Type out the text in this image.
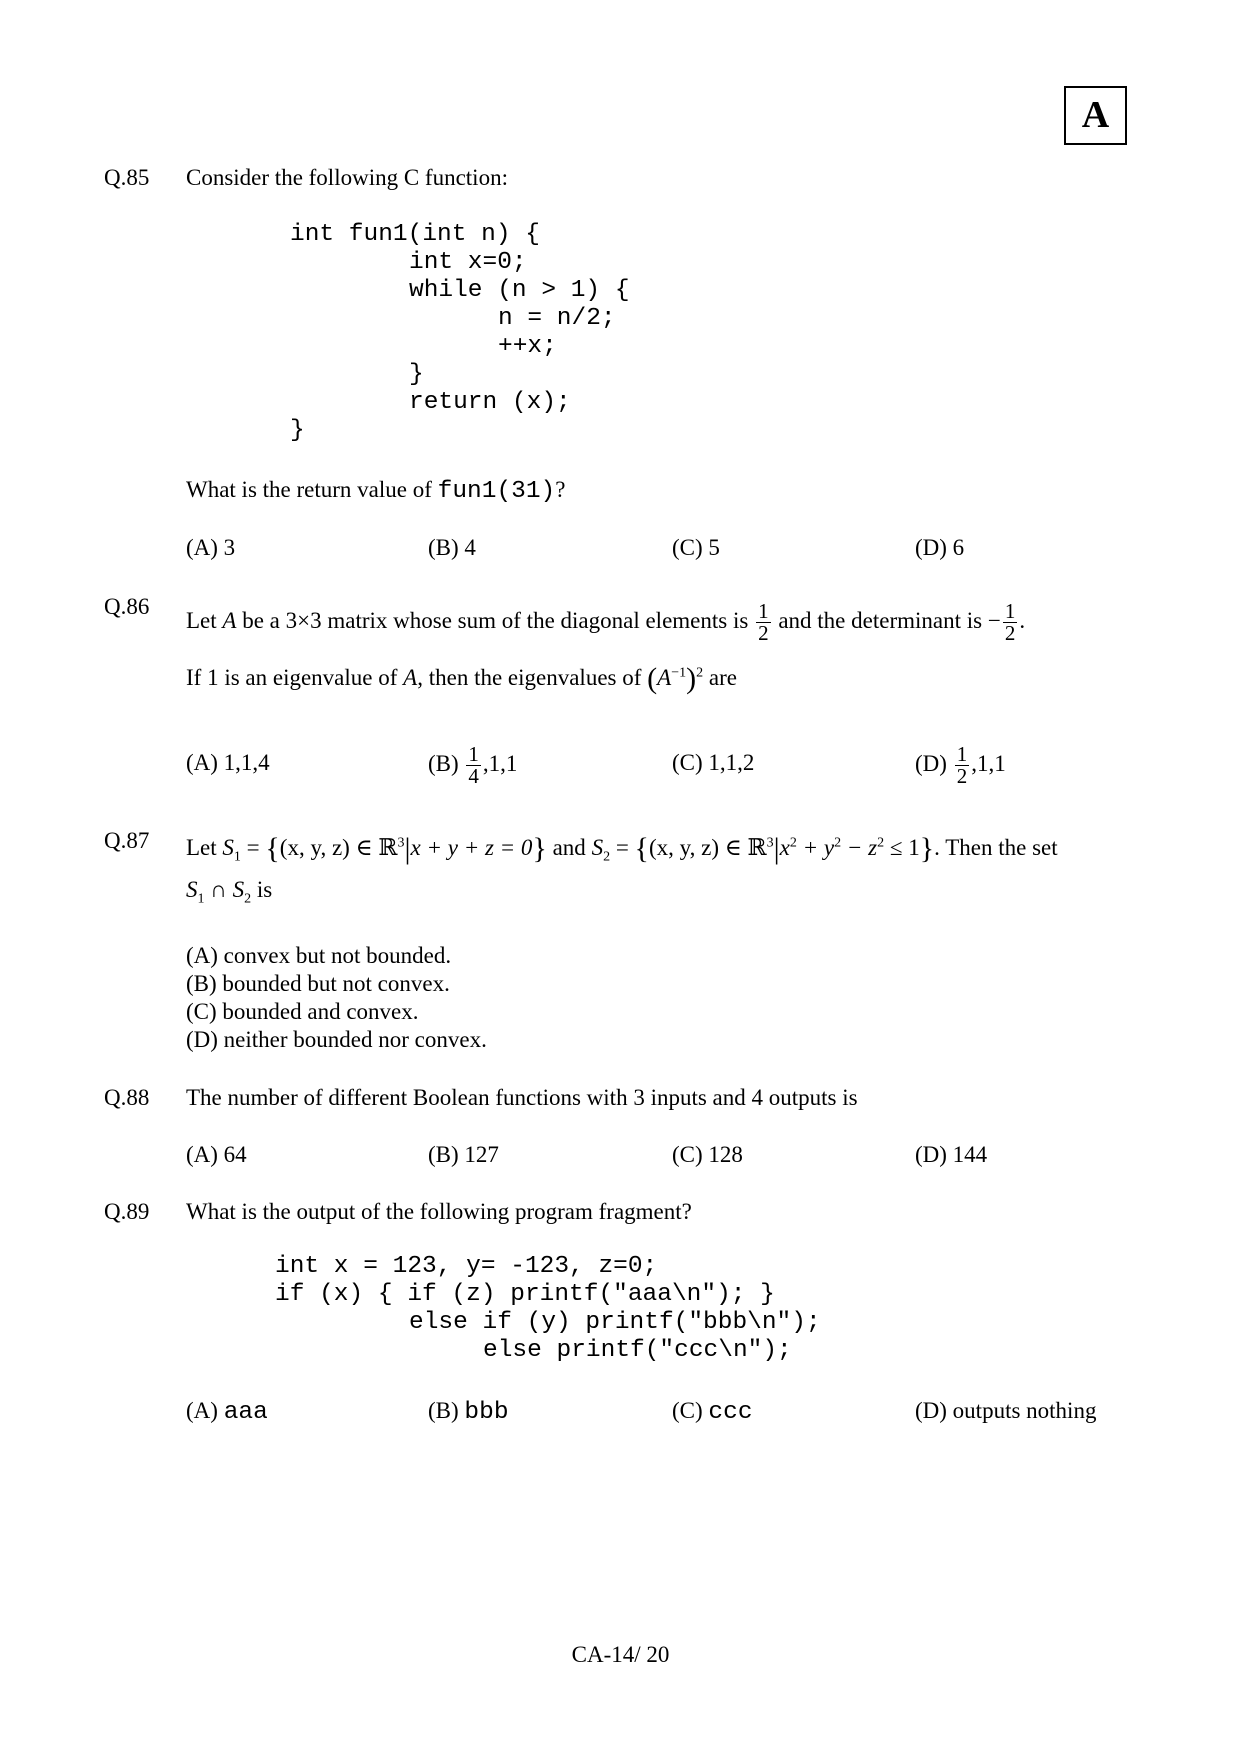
A
Q.85 Consider the following C function:
int fun1(int n) {
int x=0;
while (n > 1) {
n = n/2;
++x;
}
return (x);
}
What is the return value of fun1(31)?
(A) 3	(B) 4	(C) 5	(D) 6
Q.86
Let A be a 3×3 matrix whose sum of the diagonal elements is $\frac{1}{2}$ and the determinant is − $\frac{1}{2}$ .
If 1 is an eigenvalue of A, then the eigenvalues of $(A^{-1})^2$ are
(A) 1,1,4	$(B) \frac{1}{4} ,1,1$	(C) 1,1,2	$(D) \frac{1}{2} ,1,1$
Q.87 Let $S_1 = \{(x$, y, z) ∈ ℝ$^3$|x + y + z = 0} and $S_2 = \{(x$, y, z) ∈ $ℝ^3|x^2 + y^2 - z^2 \le 1$}. Then the set
$S_1$ ∩ $S_2$ is
(A) convex but not bounded.
(B) bounded but not convex.
(C) bounded and convex.
(D) neither bounded nor convex.
Q.88 The number of different Boolean functions with 3 inputs and 4 outputs is
(A) 64	(B) 127	(C) 128	(D) 144
Q.89 What is the output of the following program fragment?
int x = 123, y= -123, z=0;
if (x) { if (z) printf("aaa\n"); }
else if (y) printf("bbb\n");
else printf("ccc\n");
(A) aaa	(B) bbb	(C) ccc	(D) outputs nothing
CA-14/ 20
